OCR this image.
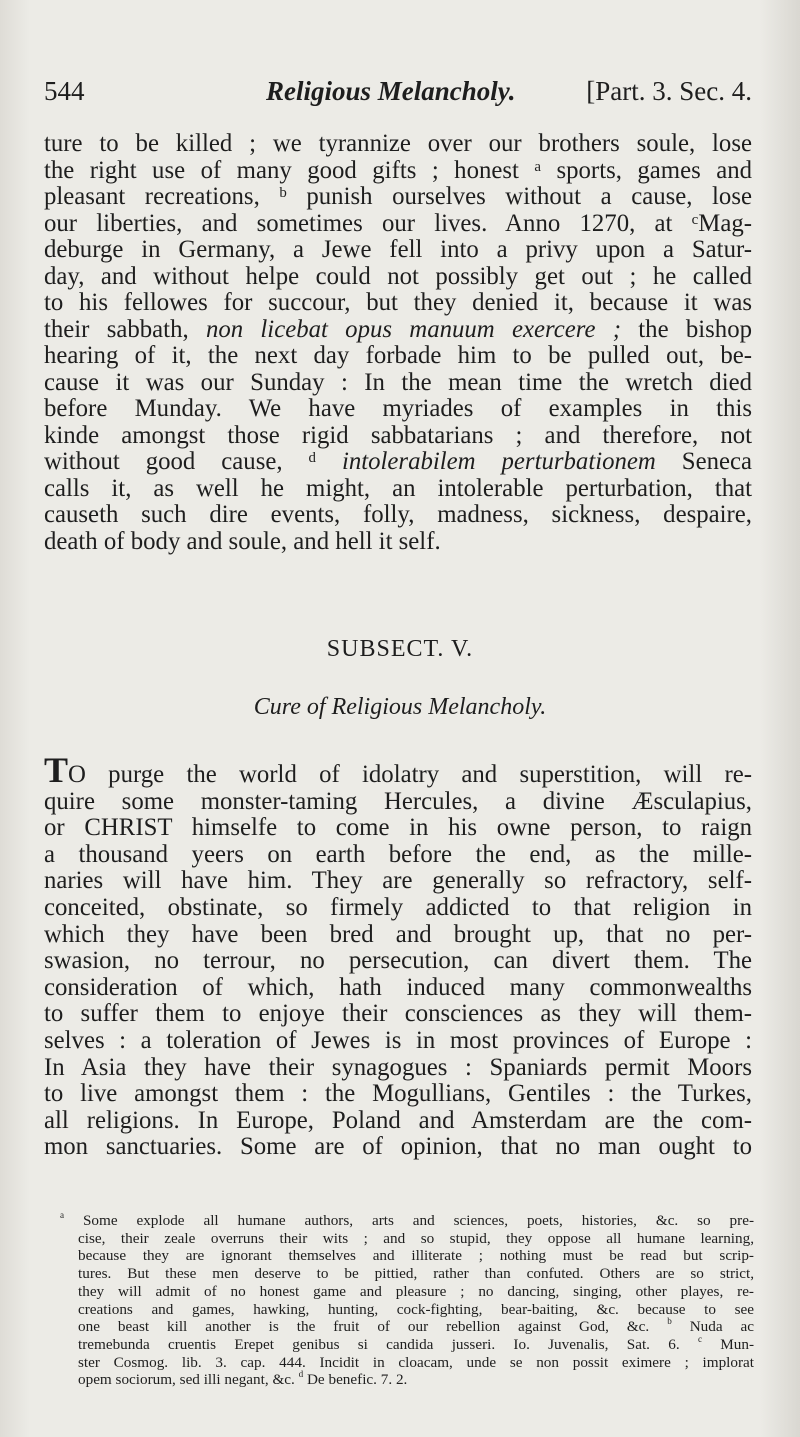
544	Religious Melancholy.	[Part. 3. Sec. 4.
ture to be killed ; we tyrannize over our brothers soule, lose
the right use of many good gifts ; honest $^a$ sports, games and
pleasant recreations, $^b$ punish ourselves without a cause, lose
our liberties, and sometimes our lives. Anno 1270, at $^c$Mag-
deburge in Germany, a Jewe fell into a privy upon a Satur-
day, and without helpe could not possibly get out ; he called
to his fellowes for succour, but they denied it, because it was
their sabbath, non licebat opus manuum exercere ; the bishop
hearing of it, the next day forbade him to be pulled out, be-
cause it was our Sunday : In the mean time the wretch died
before Munday. We have myriades of examples in this
kinde amongst those rigid sabbatarians ; and therefore, not
without good cause, $^d$ intolerabilem perturbationem Seneca
calls it, as well he might, an intolerable perturbation, that
causeth such dire events, folly, madness, sickness, despaire,
death of body and soule, and hell it self.
SUBSECT. V.
Cure of Religious Melancholy.
TO purge the world of idolatry and superstition, will re-
quire some monster-taming Hercules, a divine Æsculapius,
or CHRIST himselfe to come in his owne person, to raign
a thousand yeers on earth before the end, as the mille-
naries will have him. They are generally so refractory, self-
conceited, obstinate, so firmely addicted to that religion in
which they have been bred and brought up, that no per-
swasion, no terrour, no persecution, can divert them. The
consideration of which, hath induced many commonwealths
to suffer them to enjoye their consciences as they will them-
selves : a toleration of Jewes is in most provinces of Europe :
In Asia they have their synagogues : Spaniards permit Moors
to live amongst them : the Mogullians, Gentiles : the Turkes,
all religions. In Europe, Poland and Amsterdam are the com-
mon sanctuaries. Some are of opinion, that no man ought to
$^a$ Some explode all humane authors, arts and sciences, poets, histories, &c. so pre-
cise, their zeale overruns their wits ; and so stupid, they oppose all humane learning,
because they are ignorant themselves and illiterate ; nothing must be read but scrip-
tures. But these men deserve to be pittied, rather than confuted. Others are so strict,
they will admit of no honest game and pleasure ; no dancing, singing, other playes, re-
creations and games, hawking, hunting, cock-fighting, bear-baiting, &c. because to see
one beast kill another is the fruit of our rebellion against God, &c. $^b$ Nuda ac
tremebunda cruentis Erepet genibus si candida jusseri. Io. Juvenalis, Sat. 6. $^c$ Mun-
ster Cosmog. lib. 3. cap. 444. Incidit in cloacam, unde se non possit eximere ; implorat
opem sociorum, sed illi negant, &c. $^d$ De benefic. 7. 2.
